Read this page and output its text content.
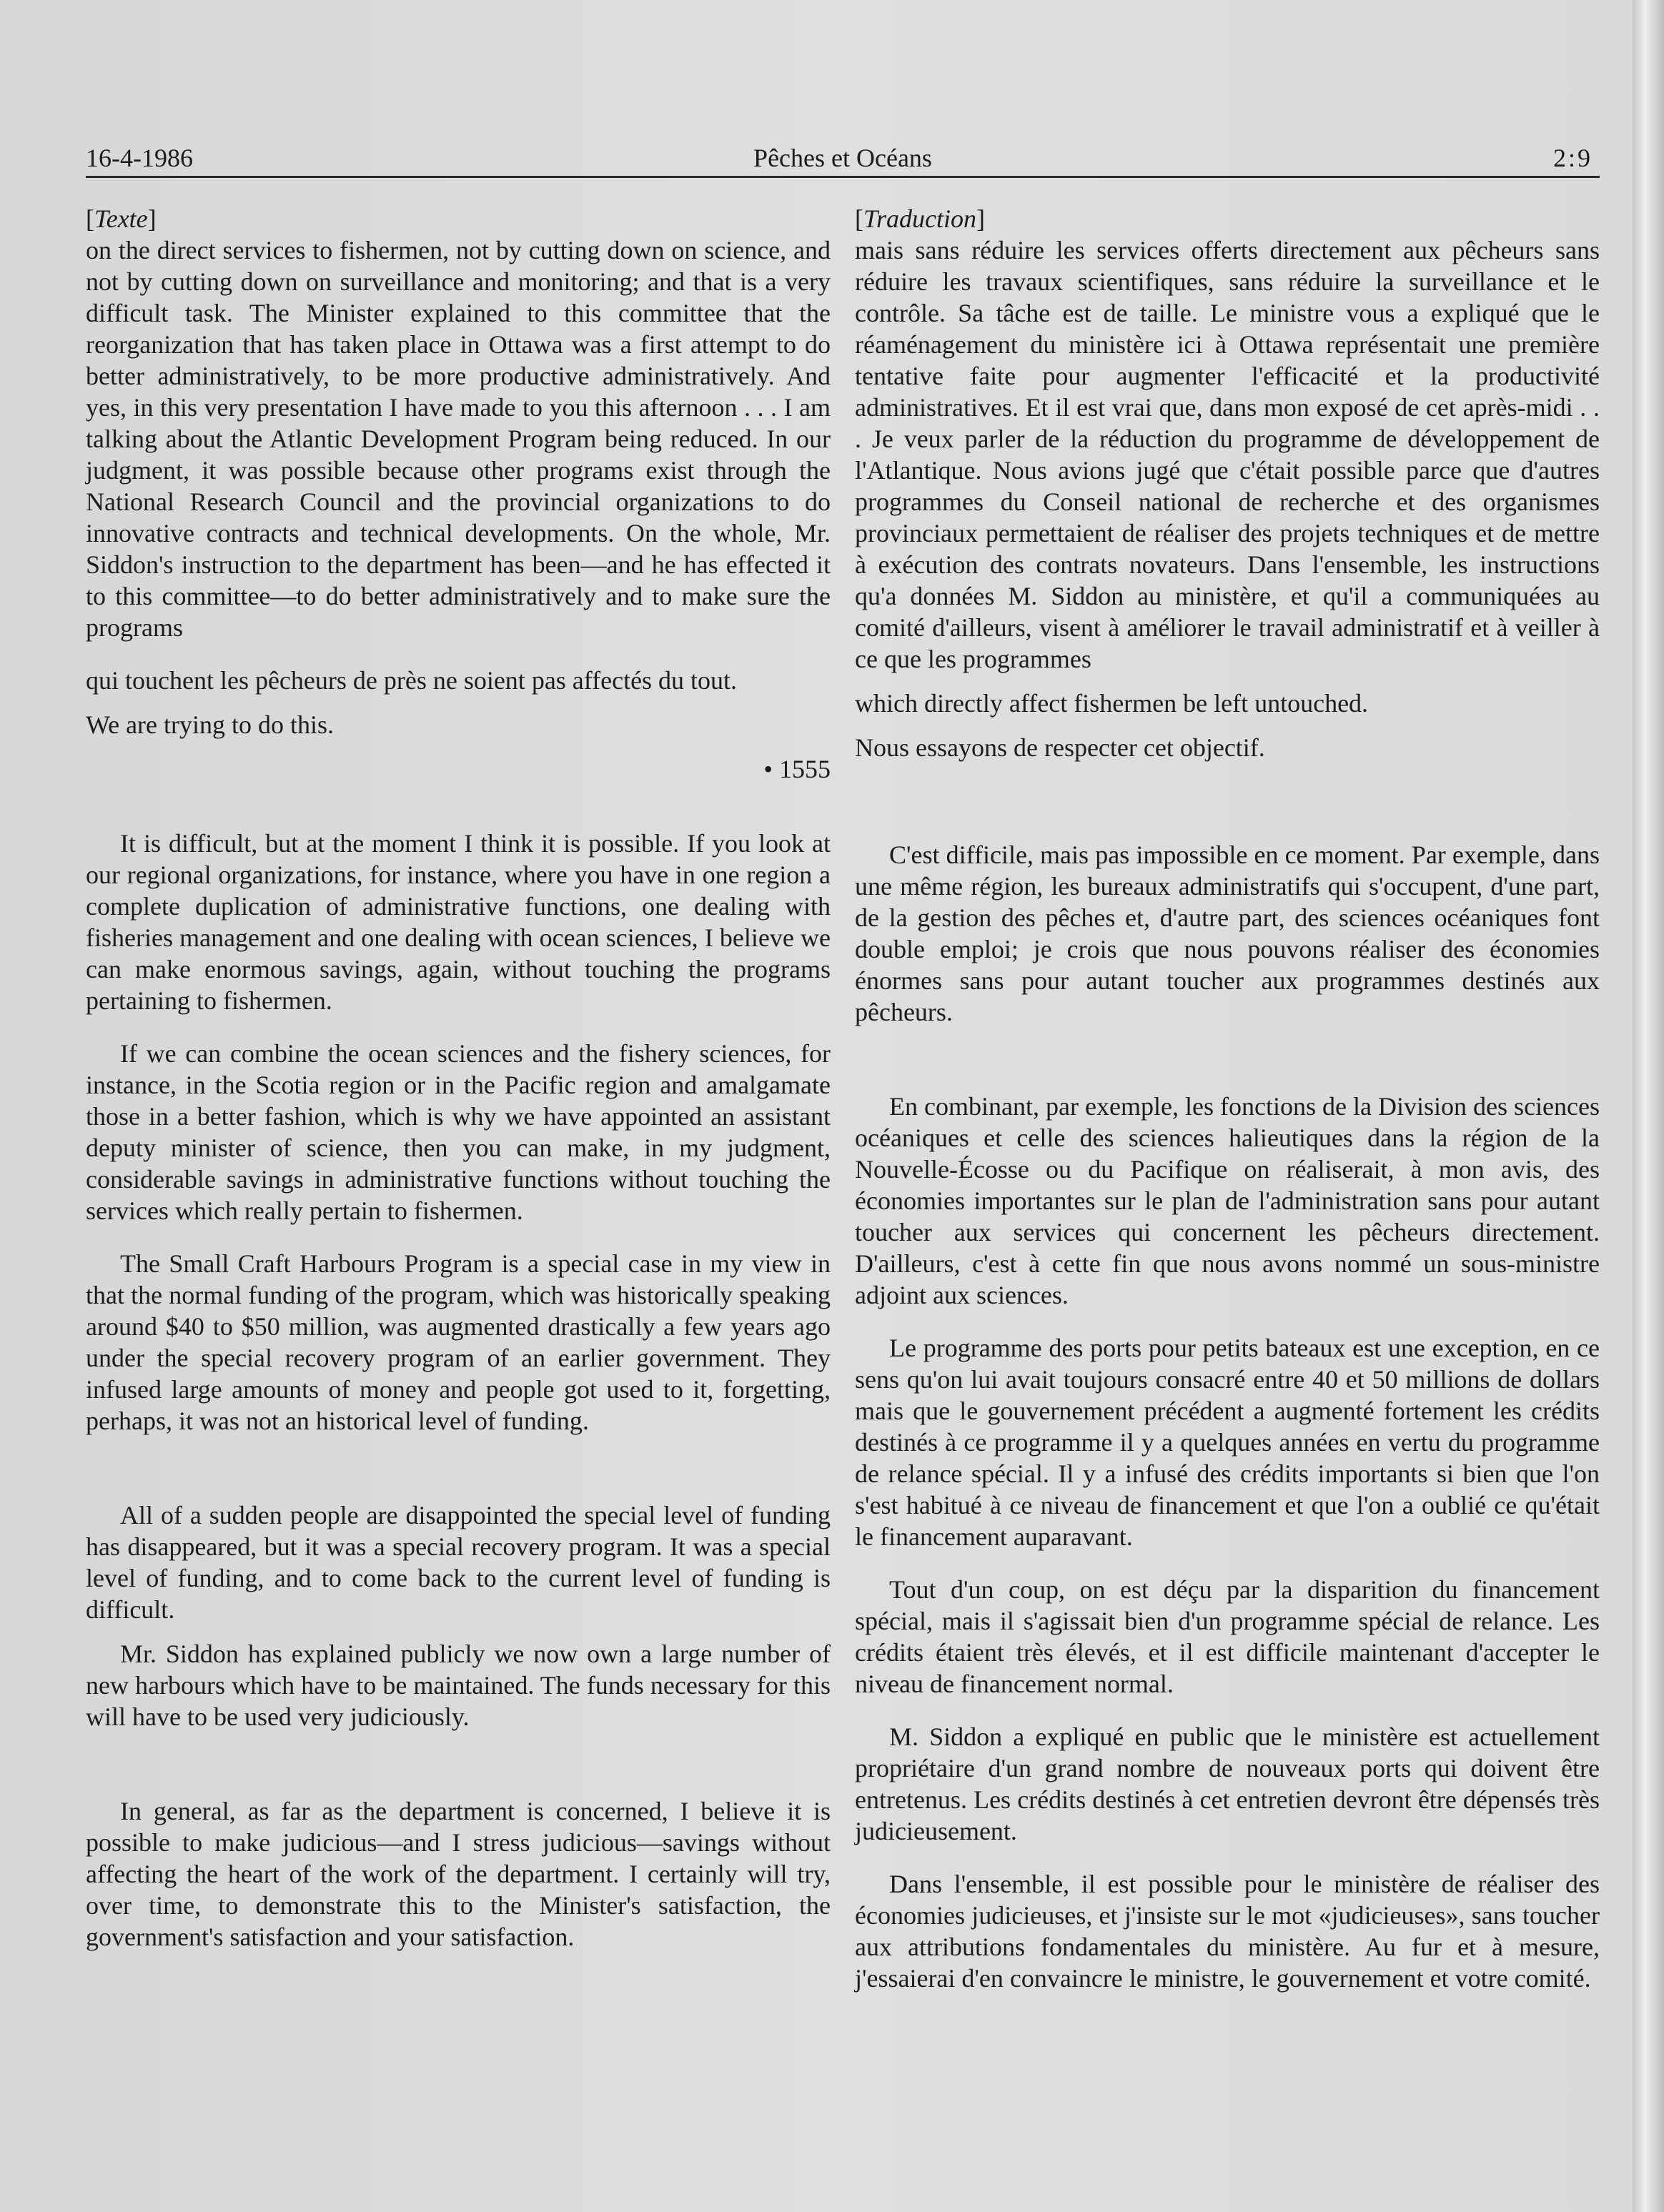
16-4-1986	Pêches et Océans	2:9

[Texte]

on the direct services to fishermen, not by cutting down on science, and not by cutting down on surveillance and monitoring; and that is a very difficult task. The Minister explained to this committee that the reorganization that has taken place in Ottawa was a first attempt to do better administratively, to be more productive administratively. And yes, in this very presentation I have made to you this afternoon . . . I am talking about the Atlantic Development Program being reduced. In our judgment, it was possible because other programs exist through the National Research Council and the provincial organizations to do innovative contracts and technical developments. On the whole, Mr. Siddon's instruction to the department has been—and he has effected it to this committee—to do better administratively and to make sure the programs

qui touchent les pêcheurs de près ne soient pas affectés du tout.

We are trying to do this.

• 1555

It is difficult, but at the moment I think it is possible. If you look at our regional organizations, for instance, where you have in one region a complete duplication of administrative functions, one dealing with fisheries management and one dealing with ocean sciences, I believe we can make enormous savings, again, without touching the programs pertaining to fishermen.

If we can combine the ocean sciences and the fishery sciences, for instance, in the Scotia region or in the Pacific region and amalgamate those in a better fashion, which is why we have appointed an assistant deputy minister of science, then you can make, in my judgment, considerable savings in administrative functions without touching the services which really pertain to fishermen.

The Small Craft Harbours Program is a special case in my view in that the normal funding of the program, which was historically speaking around $40 to $50 million, was augmented drastically a few years ago under the special recovery program of an earlier government. They infused large amounts of money and people got used to it, forgetting, perhaps, it was not an historical level of funding.

All of a sudden people are disappointed the special level of funding has disappeared, but it was a special recovery program. It was a special level of funding, and to come back to the current level of funding is difficult.

Mr. Siddon has explained publicly we now own a large number of new harbours which have to be maintained. The funds necessary for this will have to be used very judiciously.

In general, as far as the department is concerned, I believe it is possible to make judicious—and I stress judicious—savings without affecting the heart of the work of the department. I certainly will try, over time, to demonstrate this to the Minister's satisfaction, the government's satisfaction and your satisfaction.

[Traduction]

mais sans réduire les services offerts directement aux pêcheurs sans réduire les travaux scientifiques, sans réduire la surveillance et le contrôle. Sa tâche est de taille. Le ministre vous a expliqué que le réaménagement du ministère ici à Ottawa représentait une première tentative faite pour augmenter l'efficacité et la productivité administratives. Et il est vrai que, dans mon exposé de cet après-midi . . . Je veux parler de la réduction du programme de développement de l'Atlantique. Nous avions jugé que c'était possible parce que d'autres programmes du Conseil national de recherche et des organismes provinciaux permettaient de réaliser des projets techniques et de mettre à exécution des contrats novateurs. Dans l'ensemble, les instructions qu'a données M. Siddon au ministère, et qu'il a communiquées au comité d'ailleurs, visent à améliorer le travail administratif et à veiller à ce que les programmes

which directly affect fishermen be left untouched.

Nous essayons de respecter cet objectif.

C'est difficile, mais pas impossible en ce moment. Par exemple, dans une même région, les bureaux administratifs qui s'occupent, d'une part, de la gestion des pêches et, d'autre part, des sciences océaniques font double emploi; je crois que nous pouvons réaliser des économies énormes sans pour autant toucher aux programmes destinés aux pêcheurs.

En combinant, par exemple, les fonctions de la Division des sciences océaniques et celle des sciences halieutiques dans la région de la Nouvelle-Écosse ou du Pacifique on réaliserait, à mon avis, des économies importantes sur le plan de l'administration sans pour autant toucher aux services qui concernent les pêcheurs directement. D'ailleurs, c'est à cette fin que nous avons nommé un sous-ministre adjoint aux sciences.

Le programme des ports pour petits bateaux est une exception, en ce sens qu'on lui avait toujours consacré entre 40 et 50 millions de dollars mais que le gouvernement précédent a augmenté fortement les crédits destinés à ce programme il y a quelques années en vertu du programme de relance spécial. Il y a infusé des crédits importants si bien que l'on s'est habitué à ce niveau de financement et que l'on a oublié ce qu'était le financement auparavant.

Tout d'un coup, on est déçu par la disparition du financement spécial, mais il s'agissait bien d'un programme spécial de relance. Les crédits étaient très élevés, et il est difficile maintenant d'accepter le niveau de financement normal.

M. Siddon a expliqué en public que le ministère est actuellement propriétaire d'un grand nombre de nouveaux ports qui doivent être entretenus. Les crédits destinés à cet entretien devront être dépensés très judicieusement.

Dans l'ensemble, il est possible pour le ministère de réaliser des économies judicieuses, et j'insiste sur le mot «judicieuses», sans toucher aux attributions fondamentales du ministère. Au fur et à mesure, j'essaierai d'en convaincre le ministre, le gouvernement et votre comité.
